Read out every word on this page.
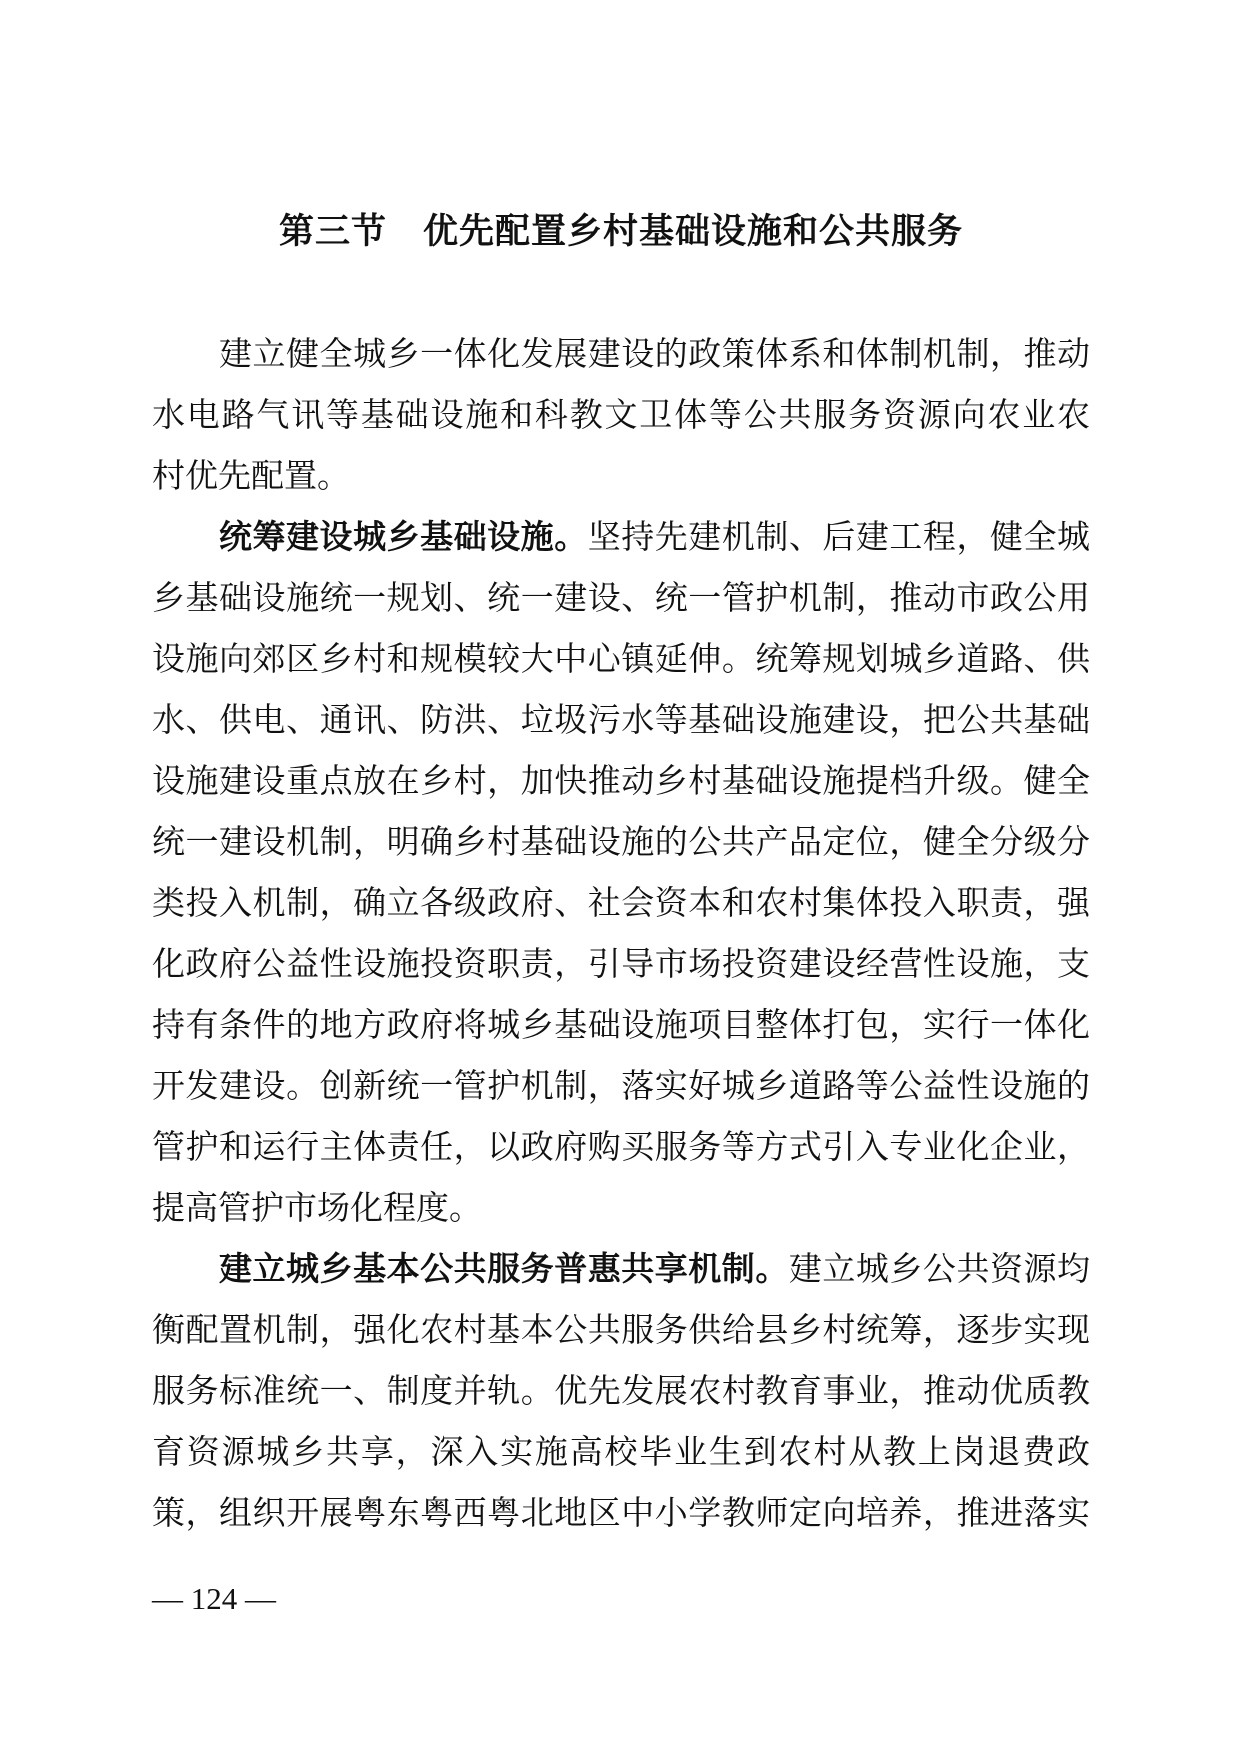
第三节　优先配置乡村基础设施和公共服务
建立健全城乡一体化发展建设的政策体系和体制机制，推动
水电路气讯等基础设施和科教文卫体等公共服务资源向农业农
村优先配置。
统筹建设城乡基础设施。坚持先建机制、后建工程，健全城
乡基础设施统一规划、统一建设、统一管护机制，推动市政公用
设施向郊区乡村和规模较大中心镇延伸。统筹规划城乡道路、供
水、供电、通讯、防洪、垃圾污水等基础设施建设，把公共基础
设施建设重点放在乡村，加快推动乡村基础设施提档升级。健全
统一建设机制，明确乡村基础设施的公共产品定位，健全分级分
类投入机制，确立各级政府、社会资本和农村集体投入职责，强
化政府公益性设施投资职责，引导市场投资建设经营性设施，支
持有条件的地方政府将城乡基础设施项目整体打包，实行一体化
开发建设。创新统一管护机制，落实好城乡道路等公益性设施的
管护和运行主体责任，以政府购买服务等方式引入专业化企业，
提高管护市场化程度。
建立城乡基本公共服务普惠共享机制。建立城乡公共资源均
衡配置机制，强化农村基本公共服务供给县乡村统筹，逐步实现
服务标准统一、制度并轨。优先发展农村教育事业，推动优质教
育资源城乡共享，深入实施高校毕业生到农村从教上岗退费政
策，组织开展粤东粤西粤北地区中小学教师定向培养，推进落实
— 124 —
